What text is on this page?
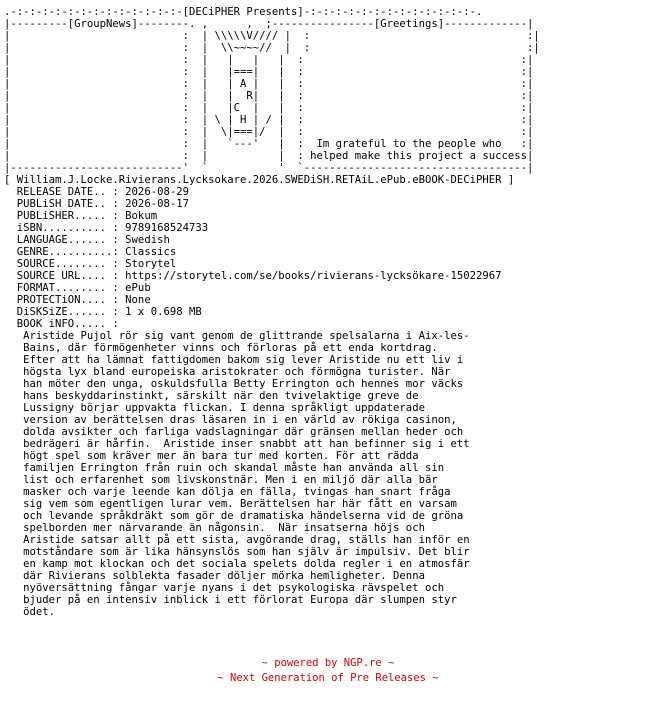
.-:-:-:-:-:-:-:-:-:-:-:-:-:-[DECiPHER Presents]-:-:-:-:-:-:-:-:-:-:-:-:-:-.
|---------[GroupNews]--------. ,      ,  ;----------------[Greetings]-------------|
|                           :  | \\\\\V//// |  :                                  :|
|                           :  |  \\~~~~//  |  :                                  :|
|                           :  |   |   |   |  :                                  :|
|                           :  |   |===|   |  :                                  :|
|                           :  |   | A |   |  :                                  :|
|                           :  |   |  R|   |  :                                  :|
|                           :  |   |C  |   |  :                                  :|
|                           :  | \ | H | / |  :                                  :|
|                           :  |  \|===|/  |  :                                  :|
|                           :  |   `---'   |  :  Im grateful to the people who   :|
|                           :  |           |  : helped make this project a success|
|---------------------------'  `           '  `-----------------------------------|
[ William.J.Locke.Rivierans.Lycksokare.2026.SWEDiSH.RETAiL.ePub.eBOOK-DECiPHER ]
RELEASE DATE.. : 2026-08-29
PUBLiSH DATE.. : 2026-08-17
PUBLiSHER..... : Bokum
iSBN.......... : 9789168524733
LANGUAGE...... : Swedish
GENRE..........: Classics
SOURCE........ : Storytel
SOURCE URL.... : https://storytel.com/se/books/rivierans-lycksökare-15022967
FORMAT........ : ePub
PROTECTiON.... : None
DiSKSiZE...... : 1 x 0.698 MB
BOOK iNFO..... :
Aristide Pujol rör sig vant genom de glittrande spelsalarna i Aix-les-
Bains, där förmögenheter vinns och förloras på ett enda kortdrag.
Efter att ha lämnat fattigdomen bakom sig lever Aristide nu ett liv i
högsta lyx bland europeiska aristokrater och förmögna turister. När
han möter den unga, oskuldsfulla Betty Errington och hennes mor väcks
hans beskyddarinstinkt, särskilt när den tvivelaktige greve de
Lussigny börjar uppvakta flickan. I denna språkligt uppdaterade
version av berättelsen dras läsaren in i en värld av rökiga casinon,
dolda avsikter och farliga vadslagningar där gränsen mellan heder och
bedrägeri är hårfin.  Aristide inser snabbt att han befinner sig i ett
högt spel som kräver mer än bara tur med korten. För att rädda
familjen Errington från ruin och skandal måste han använda all sin
list och erfarenhet som livskonstnär. Men i en miljö där alla bär
masker och varje leende kan dölja en fälla, tvingas han snart fråga
sig vem som egentligen lurar vem. Berättelsen har här fått en varsam
och levande språkdräkt som gör de dramatiska händelserna vid de gröna
spelborden mer närvarande än någonsin.  När insatserna höjs och
Aristide satsar allt på ett sista, avgörande drag, ställs han inför en
motståndare som är lika hänsynslös som han själv är impulsiv. Det blir
en kamp mot klockan och det sociala spelets dolda regler i en atmosfär
där Rivierans solblekta fasader döljer mörka hemligheter. Denna
nyöversättning fångar varje nyans i det psykologiska rävspelet och
bjuder på en intensiv inblick i ett förlorat Europa där slumpen styr
ödet.

~ powered by NGP.re ~
~ Next Generation of Pre Releases ~
